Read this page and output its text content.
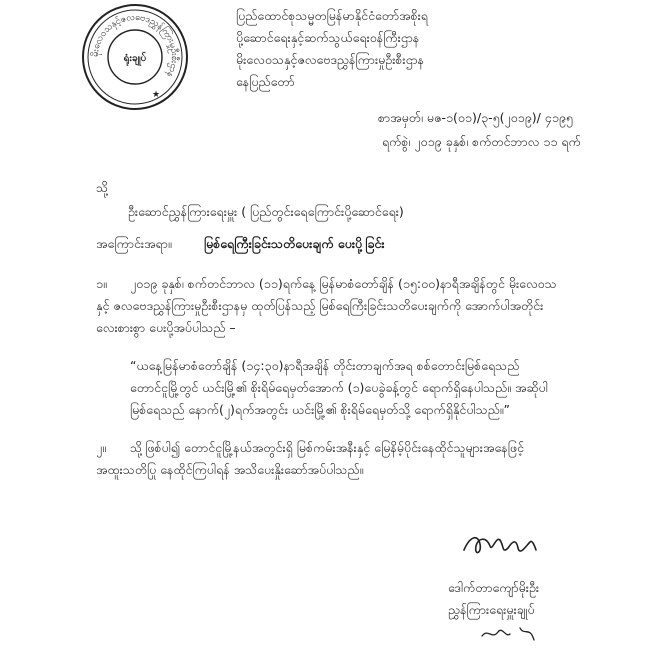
မိုးလေဝသနှင့်ဇလဗေဒညွှန်ကြားမှုဦးစီးဌာန
ရုံးချုပ်
★
ပြည်ထောင်စုသမ္မတမြန်မာနိုင်ငံတော်အစိုးရ
ပို့ဆောင်ရေးနှင့်ဆက်သွယ်ရေးဝန်ကြီးဌာန
မိုးလေဝသနှင့်ဇလဗေဒညွှန်ကြားမှုဦးစီးဌာန
နေပြည်တော်
စာအမှတ်၊ မဇ-၁(၀၁)/၃-၅(၂၀၁၉)/ ၄၁၉၅
ရက်စွဲ၊ ၂၀၁၉ ခုနှစ်၊ စက်တင်ဘာလ ၁၁ ရက်
သို့
ဦးဆောင်ညွှန်ကြားရေးမှူး ( ပြည်တွင်းရေကြောင်းပို့ဆောင်ရေး)
အကြောင်းအရာ။	မြစ်ရေကြီးခြင်းသတိပေးချက် ပေးပို့ခြင်း
၁။ ၂၀၁၉ ခုနှစ်၊ စက်တင်ဘာလ (၁၁)ရက်နေ့ မြန်မာစံတော်ချိန် (၁၅:၀၀)နာရီအချိန်တွင် မိုးလေဝသ
နှင့် ဇလဗေဒညွှန်ကြားမှုဦးစီးဌာနမှ ထုတ်ပြန်သည့် မြစ်ရေကြီးခြင်းသတိပေးချက်ကို အောက်ပါအတိုင်း
လေးစားစွာ ပေးပို့အပ်ပါသည် –
“ယနေ့မြန်မာစံတော်ချိန် (၁၄:၃၀)နာရီအချိန် တိုင်းတာချက်အရ စစ်တောင်းမြစ်ရေသည်
တောင်ငူမြို့တွင် ယင်းမြို့၏ စိုးရိမ်ရေမှတ်အောက် (၁)ပေခွဲခန့်တွင် ရောက်ရှိနေပါသည်။ အဆိုပါ
မြစ်ရေသည် နောက်(၂)ရက်အတွင်း ယင်းမြို့၏ စိုးရိမ်ရေမှတ်သို့ ရောက်ရှိနိုင်ပါသည်။”
၂။ သို့ဖြစ်ပါ၍ တောင်ငူမြို့နယ်အတွင်းရှိ မြစ်ကမ်းအနီးနှင့် မြေနိမ့်ပိုင်းနေထိုင်သူများအနေဖြင့်
အထူးသတိပြု နေထိုင်ကြပါရန် အသိပေးနှိုးဆော်အပ်ပါသည်။
ဒေါက်တာကျော်မိုးဦး
ညွှန်ကြားရေးမှူးချုပ်
